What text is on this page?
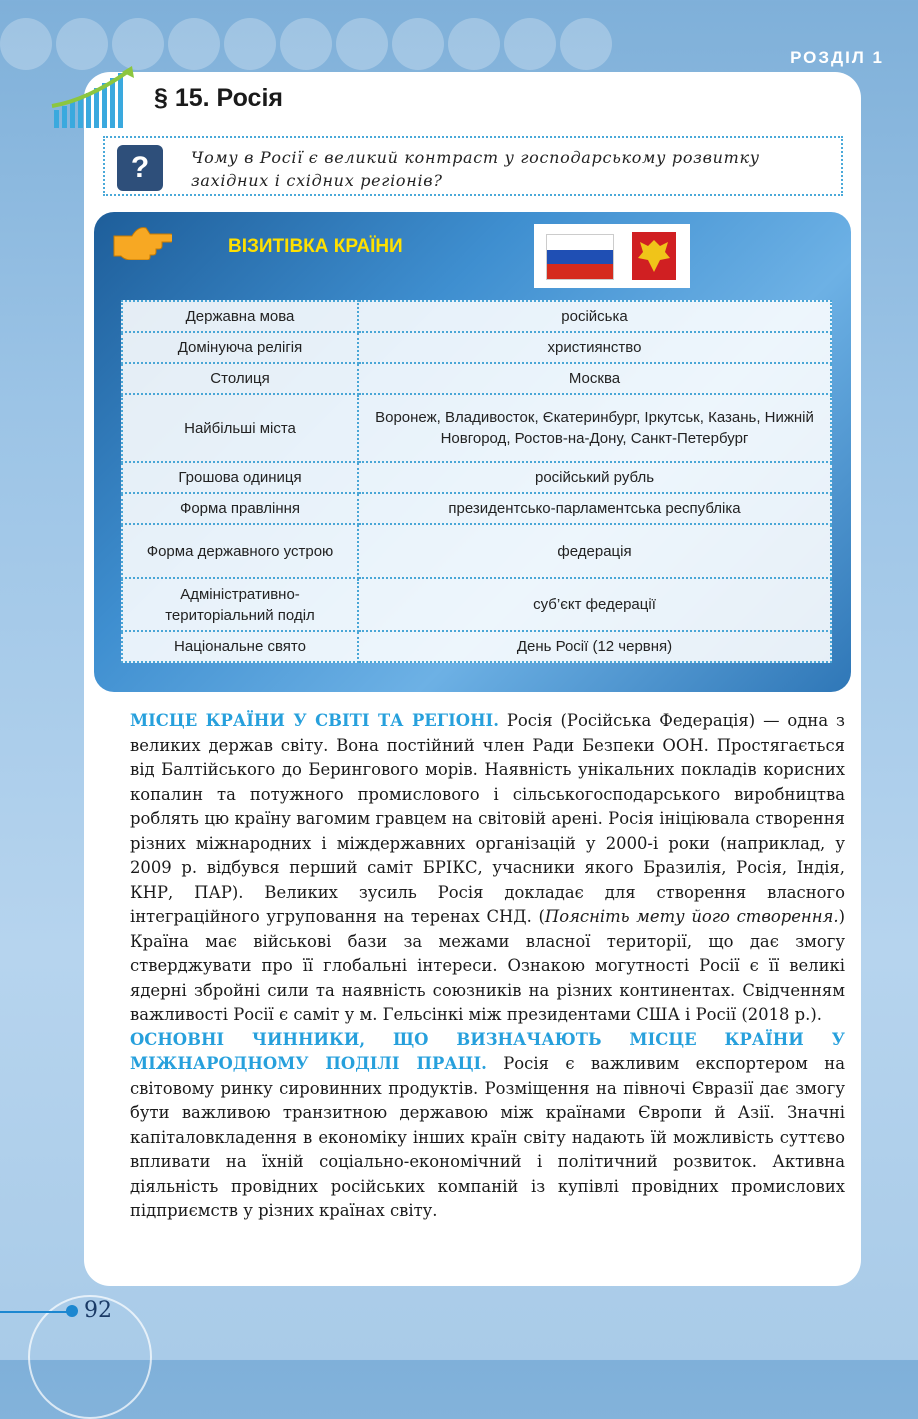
РОЗДІЛ 1
§ 15. Росія
?	Чому в Росії є великий контраст у господарському розвитку західних і східних регіонів?
ВІЗИТІВКА КРАЇНИ
Державна мова	російська
Домінуюча релігія	християнство
Столиця	Москва
Найбільші міста	Воронеж, Владивосток, Єкатеринбург, Іркутськ, Казань, Нижній Новгород, Ростов-на-Дону, Санкт-Петербург
Грошова одиниця	російський рубль
Форма правління	президентсько-парламентська республіка
Форма державного устрою	федерація
Адміністративно-територіальний поділ	суб’єкт федерації
Національне свято	День Росії (12 червня)

МІСЦЕ КРАЇНИ У СВІТІ ТА РЕГІОНІ. Росія (Російська Федерація) — одна з великих держав світу. Вона постійний член Ради Безпеки ООН. Простягається від Балтійського до Берингового морів. Наявність унікальних покладів корисних копалин та потужного промислового і сільськогосподарського виробництва роблять цю країну вагомим гравцем на світовій арені. Росія ініціювала створення різних міжнародних і міждержавних організацій у 2000-і роки (наприклад, у 2009 р. відбувся перший саміт БРІКС, учасники якого Бразилія, Росія, Індія, КНР, ПАР). Великих зусиль Росія докладає для створення власного інтеграційного угруповання на теренах СНД. (Поясніть мету його створення.) Країна має військові бази за межами власної території, що дає змогу стверджувати про її глобальні інтереси. Ознакою могутності Росії є її великі ядерні збройні сили та наявність союзників на різних континентах. Свідченням важливості Росії є саміт у м. Гельсінкі між президентами США і Росії (2018 р.).

ОСНОВНІ ЧИННИКИ, ЩО ВИЗНАЧАЮТЬ МІСЦЕ КРАЇНИ У МІЖНАРОДНОМУ ПОДІЛІ ПРАЦІ. Росія є важливим експортером на світовому ринку сировинних продуктів. Розміщення на півночі Євразії дає змогу бути важливою транзитною державою між країнами Європи й Азії. Значні капіталовкладення в економіку інших країн світу надають їй можливість суттєво впливати на їхній соціально-економічний і політичний розвиток. Активна діяльність провідних російських компаній із купівлі провідних промислових підприємств у різних країнах світу.

92
